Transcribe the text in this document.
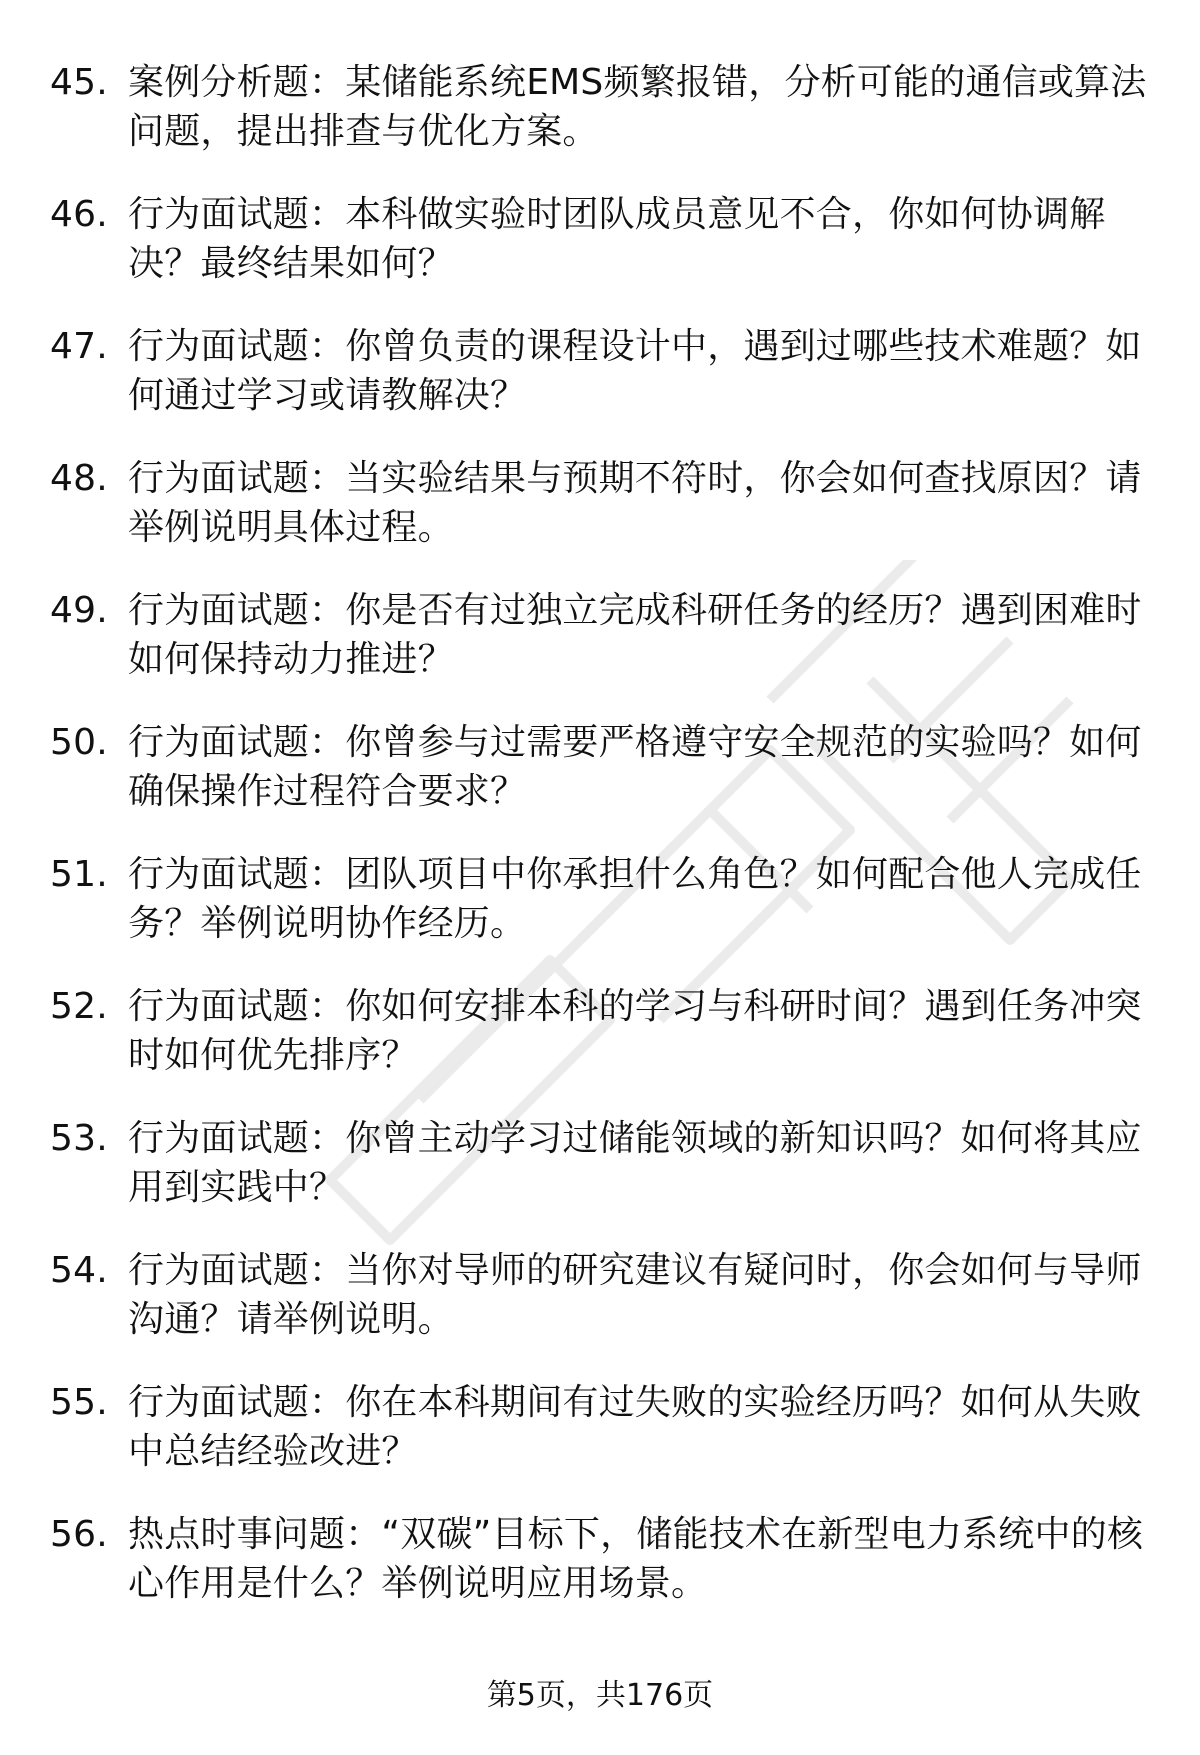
45. 案例分析题：某储能系统EMS频繁报错，分析可能的通信或算法问题，提出排查与优化方案。
46. 行为面试题：本科做实验时团队成员意见不合，你如何协调解决？最终结果如何？
47. 行为面试题：你曾负责的课程设计中，遇到过哪些技术难题？如何通过学习或请教解决？
48. 行为面试题：当实验结果与预期不符时，你会如何查找原因？请举例说明具体过程。
49. 行为面试题：你是否有过独立完成科研任务的经历？遇到困难时如何保持动力推进？
50. 行为面试题：你曾参与过需要严格遵守安全规范的实验吗？如何确保操作过程符合要求？
51. 行为面试题：团队项目中你承担什么角色？如何配合他人完成任务？举例说明协作经历。
52. 行为面试题：你如何安排本科的学习与科研时间？遇到任务冲突时如何优先排序？
53. 行为面试题：你曾主动学习过储能领域的新知识吗？如何将其应用到实践中？
54. 行为面试题：当你对导师的研究建议有疑问时，你会如何与导师沟通？请举例说明。
55. 行为面试题：你在本科期间有过失败的实验经历吗？如何从失败中总结经验改进？
56. 热点时事问题：“双碳”目标下，储能技术在新型电力系统中的核心作用是什么？举例说明应用场景。
第5页，共176页
